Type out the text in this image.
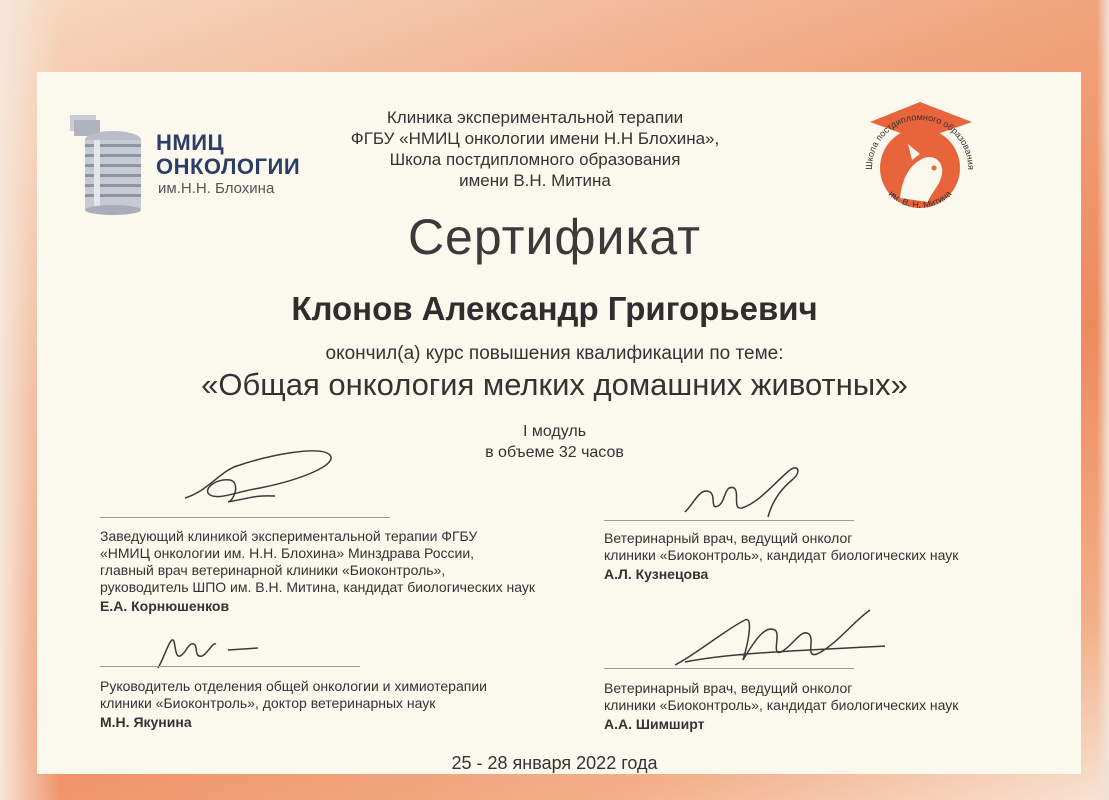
НМИЦ
ОНКОЛОГИИ
им.Н.Н. Блохина
Клиника экспериментальной терапии
ФГБУ «НМИЦ онкологии имени Н.Н Блохина»,
Школа постдипломного образования
имени В.Н. Митина
Школа постдипломного образования
им. В. Н. Митина
Сертификат
Клонов Александр Григорьевич
окончил(а) курс повышения квалификации по теме:
«Общая онкология мелких домашних животных»
I модуль
в объеме 32 часов
Заведующий клиникой экспериментальной терапии ФГБУ
«НМИЦ онкологии им. Н.Н. Блохина» Минздрава России,
главный врач ветеринарной клиники «Биоконтроль»,
руководитель ШПО им. В.Н. Митина, кандидат биологических наук
Е.А. Корнюшенков
Ветеринарный врач, ведущий онколог
клиники «Биоконтроль», кандидат биологических наук
А.Л. Кузнецова
Руководитель отделения общей онкологии и химиотерапии
клиники «Биоконтроль», доктор ветеринарных наук
М.Н. Якунина
Ветеринарный врач, ведущий онколог
клиники «Биоконтроль», кандидат биологических наук
А.А. Шимширт
25 - 28 января 2022 года
